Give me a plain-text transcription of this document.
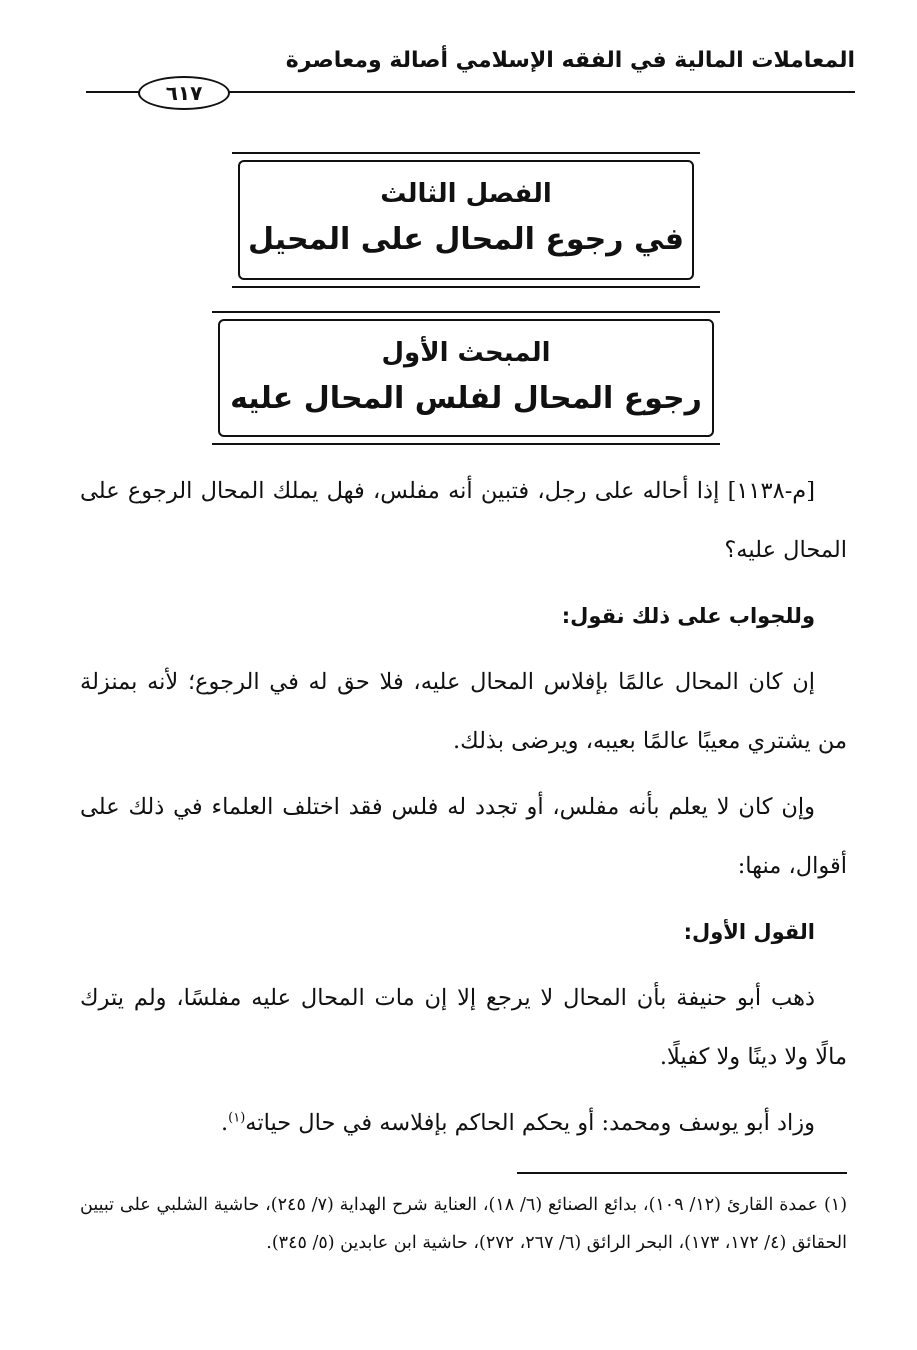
المعاملات المالية في الفقه الإسلامي أصالة ومعاصرة
٦١٧
الفصل الثالث
في رجوع المحال على المحيل
المبحث الأول
رجوع المحال لفلس المحال عليه

[م-١١٣٨] إذا أحاله على رجل، فتبين أنه مفلس، فهل يملك المحال الرجوع على المحال عليه؟

وللجواب على ذلك نقول:

إن كان المحال عالمًا بإفلاس المحال عليه، فلا حق له في الرجوع؛ لأنه بمنزلة من يشتري معيبًا عالمًا بعيبه، ويرضى بذلك.

وإن كان لا يعلم بأنه مفلس، أو تجدد له فلس فقد اختلف العلماء في ذلك على أقوال، منها:

القول الأول:

ذهب أبو حنيفة بأن المحال لا يرجع إلا إن مات المحال عليه مفلسًا، ولم يترك مالًا ولا دينًا ولا كفيلًا.

وزاد أبو يوسف ومحمد: أو يحكم الحاكم بإفلاسه في حال حياته$^{(١)}$.

(١) عمدة القارئ (١٢/ ١٠٩)، بدائع الصنائع (٦/ ١٨)، العناية شرح الهداية (٧/ ٢٤٥)، حاشية الشلبي على تبيين الحقائق (٤/ ١٧٢، ١٧٣)، البحر الرائق (٦/ ٢٦٧، ٢٧٢)، حاشية ابن عابدين (٥/ ٣٤٥).
